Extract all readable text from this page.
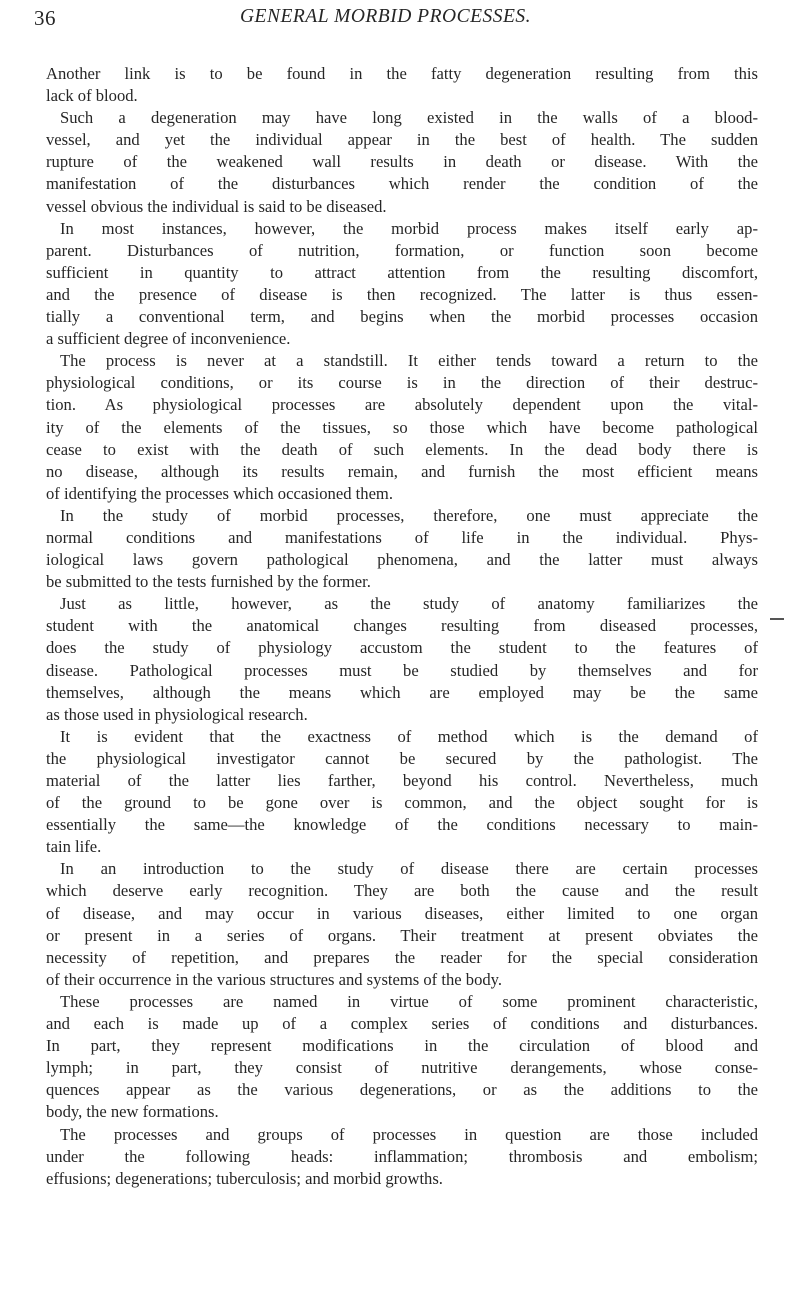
36	GENERAL MORBID PROCESSES.
Another link is to be found in the fatty degeneration resulting from this
lack of blood.
Such a degeneration may have long existed in the walls of a blood-
vessel, and yet the individual appear in the best of health. The sudden
rupture of the weakened wall results in death or disease. With the
manifestation of the disturbances which render the condition of the
vessel obvious the individual is said to be diseased.
In most instances, however, the morbid process makes itself early ap-
parent. Disturbances of nutrition, formation, or function soon become
sufficient in quantity to attract attention from the resulting discomfort,
and the presence of disease is then recognized. The latter is thus essen-
tially a conventional term, and begins when the morbid processes occasion
a sufficient degree of inconvenience.
The process is never at a standstill. It either tends toward a return to the
physiological conditions, or its course is in the direction of their destruc-
tion. As physiological processes are absolutely dependent upon the vital-
ity of the elements of the tissues, so those which have become pathological
cease to exist with the death of such elements. In the dead body there is
no disease, although its results remain, and furnish the most efficient means
of identifying the processes which occasioned them.
In the study of morbid processes, therefore, one must appreciate the
normal conditions and manifestations of life in the individual. Phys-
iological laws govern pathological phenomena, and the latter must always
be submitted to the tests furnished by the former.
Just as little, however, as the study of anatomy familiarizes the
student with the anatomical changes resulting from diseased processes,
does the study of physiology accustom the student to the features of
disease. Pathological processes must be studied by themselves and for
themselves, although the means which are employed may be the same
as those used in physiological research.
It is evident that the exactness of method which is the demand of
the physiological investigator cannot be secured by the pathologist. The
material of the latter lies farther, beyond his control. Nevertheless, much
of the ground to be gone over is common, and the object sought for is
essentially the same—the knowledge of the conditions necessary to main-
tain life.
In an introduction to the study of disease there are certain processes
which deserve early recognition. They are both the cause and the result
of disease, and may occur in various diseases, either limited to one organ
or present in a series of organs. Their treatment at present obviates the
necessity of repetition, and prepares the reader for the special consideration
of their occurrence in the various structures and systems of the body.
These processes are named in virtue of some prominent characteristic,
and each is made up of a complex series of conditions and disturbances.
In part, they represent modifications in the circulation of blood and
lymph; in part, they consist of nutritive derangements, whose conse-
quences appear as the various degenerations, or as the additions to the
body, the new formations.
The processes and groups of processes in question are those included
under the following heads: inflammation; thrombosis and embolism;
effusions; degenerations; tuberculosis; and morbid growths.
